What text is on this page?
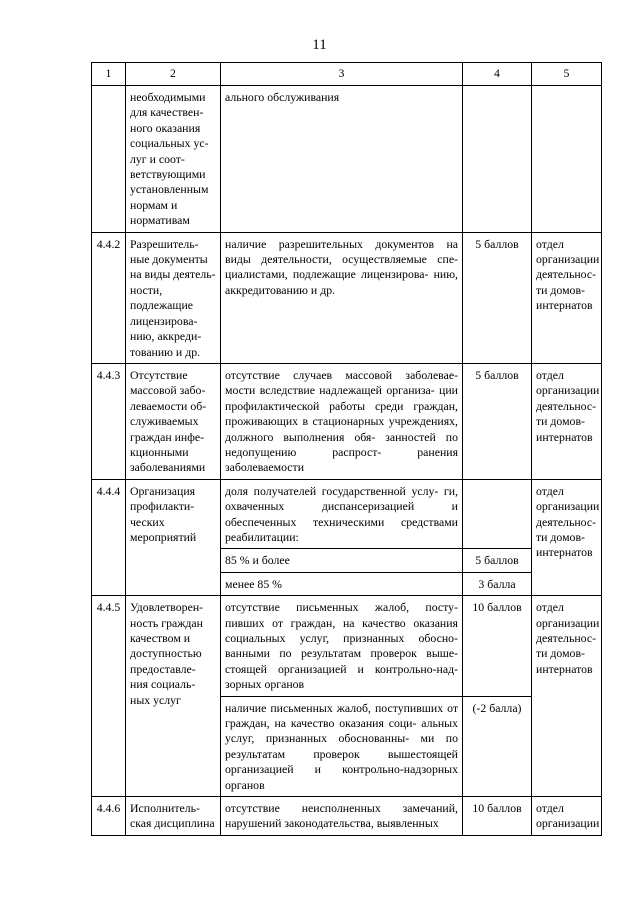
11
1	2	3	4	5
	необходимыми для качествен- ного оказания социальных ус- луг и соот- ветствующими установленным нормам и нормативам	ального обслуживания		
4.4.2	Разрешитель- ные документы на виды деятель- ности, подлежащие лицензирова- нию, аккреди- тованию и др.	наличие разрешительных документов на виды деятельности, осуществляемые спе- циалистами, подлежащие лицензирова- нию, аккредитованию и др.	5 баллов	отдел организации деятельнос- ти домов- интернатов
4.4.3	Отсутствие массовой забо- леваемости об- служиваемых граждан инфе- кционными заболеваниями	отсутствие случаев массовой заболевае- мости вследствие надлежащей организа- ции профилактической работы среди граждан, проживающих в стационарных учреждениях, должного выполнения обя- занностей по недопущению распрост- ранения заболеваемости	5 баллов	отдел организации деятельнос- ти домов- интернатов
4.4.4	Организация профилакти- ческих мероприятий	доля получателей государственной услу- ги, охваченных диспансеризацией и обеспеченных техническими средствами реабилитации:		отдел организации деятельнос- ти домов- интернатов
		85 % и более	5 баллов	
		менее 85 %	3 балла	
4.4.5	Удовлетворен- ность граждан качеством и доступностью предоставле- ния социаль- ных услуг	отсутствие письменных жалоб, посту- пивших от граждан, на качество оказания социальных услуг, признанных обосно- ванными по результатам проверок выше- стоящей организацией и контрольно-над- зорных органов	10 баллов	отдел организации деятельнос- ти домов- интернатов
		наличие письменных жалоб, поступивших от граждан, на качество оказания соци- альных услуг, признанных обоснованны- ми по результатам проверок вышестоящей организацией и контрольно-надзорных органов	(-2 балла)	
4.4.6	Исполнитель- ская дисциплина	отсутствие неисполненных замечаний, нарушений законодательства, выявленных	10 баллов	отдел организации
